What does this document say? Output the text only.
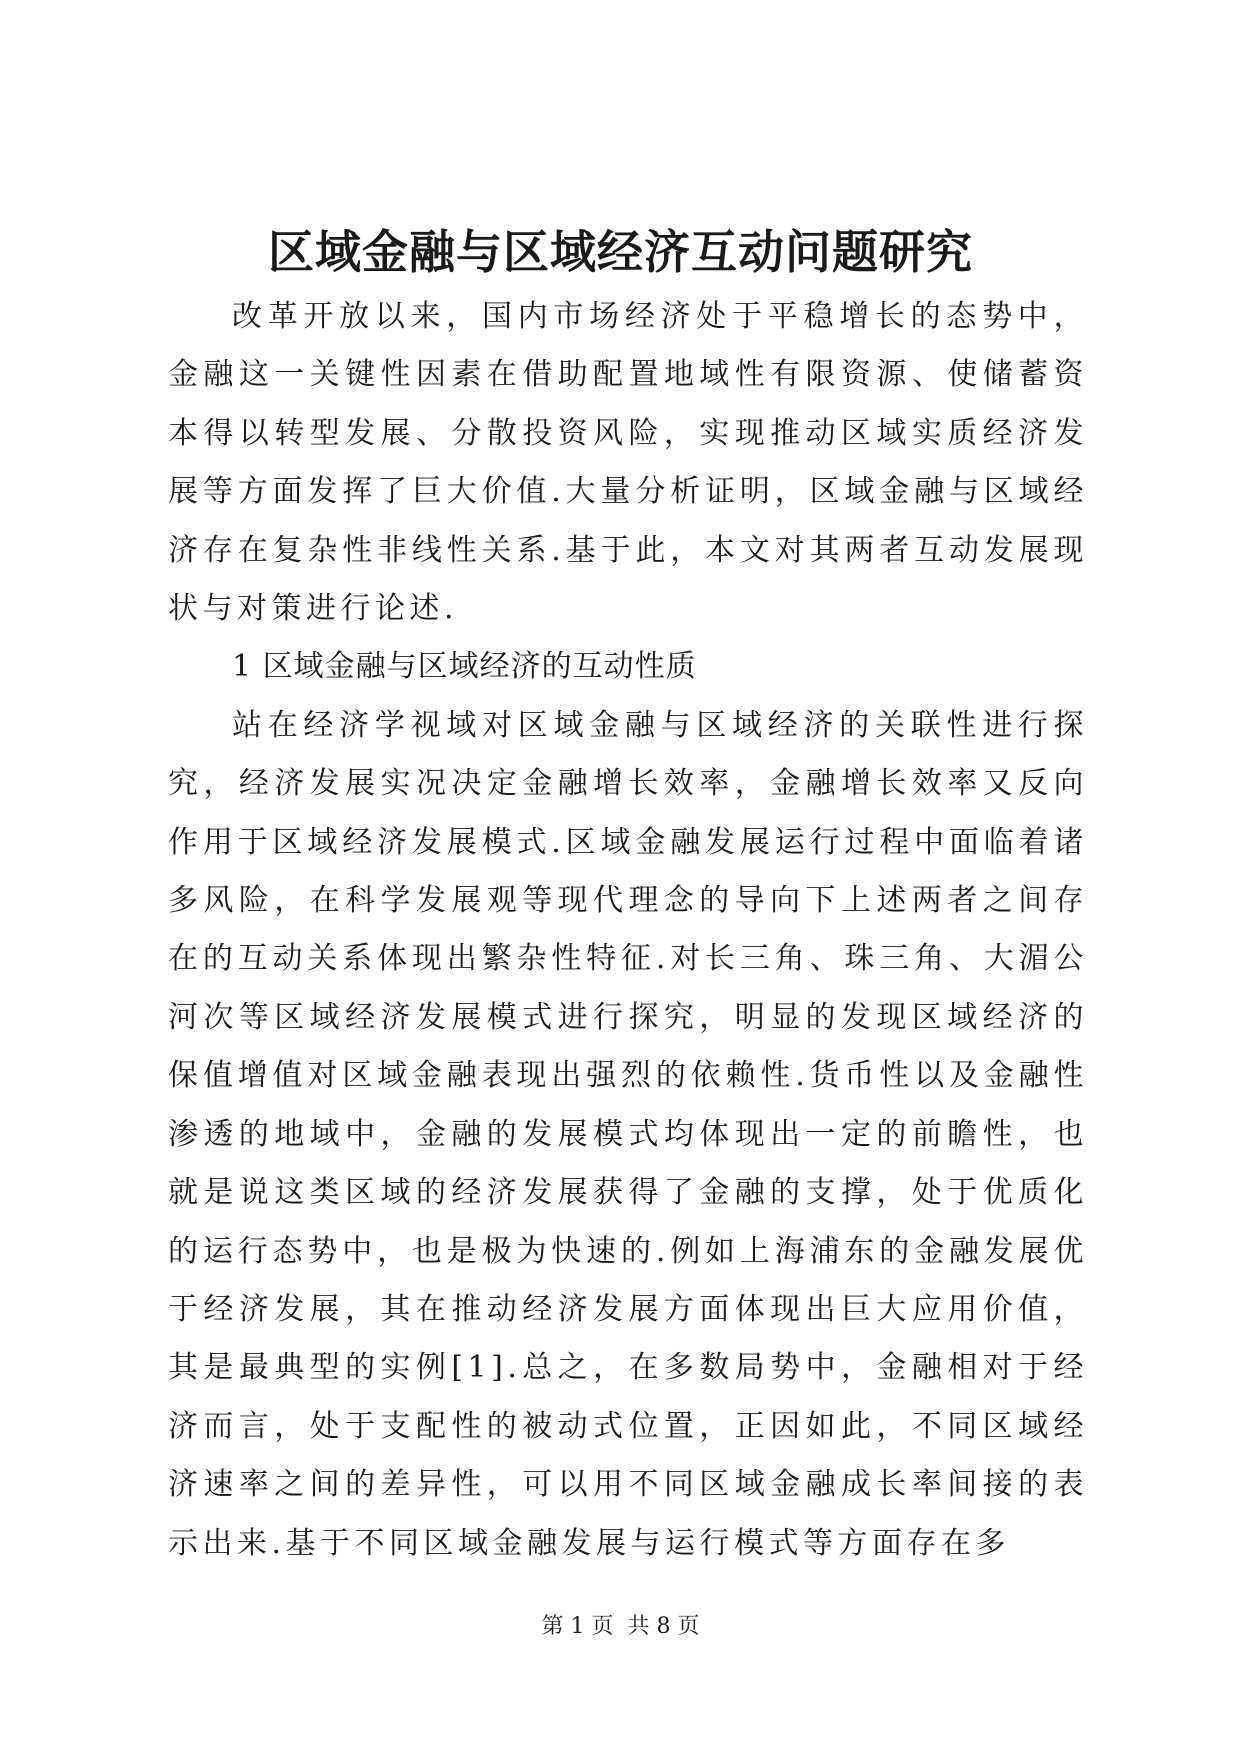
区域金融与区域经济互动问题研究

改革开放以来，国内市场经济处于平稳增长的态势中，金融这一关键性因素在借助配置地域性有限资源、使储蓄资本得以转型发展、分散投资风险，实现推动区域实质经济发展等方面发挥了巨大价值.大量分析证明，区域金融与区域经济存在复杂性非线性关系.基于此，本文对其两者互动发展现状与对策进行论述.

1 区域金融与区域经济的互动性质

站在经济学视域对区域金融与区域经济的关联性进行探究，经济发展实况决定金融增长效率，金融增长效率又反向作用于区域经济发展模式.区域金融发展运行过程中面临着诸多风险，在科学发展观等现代理念的导向下上述两者之间存在的互动关系体现出繁杂性特征.对长三角、珠三角、大湄公河次等区域经济发展模式进行探究，明显的发现区域经济的保值增值对区域金融表现出强烈的依赖性.货币性以及金融性渗透的地域中，金融的发展模式均体现出一定的前瞻性，也就是说这类区域的经济发展获得了金融的支撑，处于优质化的运行态势中，也是极为快速的.例如上海浦东的金融发展优于经济发展，其在推动经济发展方面体现出巨大应用价值，其是最典型的实例[1].总之，在多数局势中，金融相对于经济而言，处于支配性的被动式位置，正因如此，不同区域经济速率之间的差异性，可以用不同区域金融成长率间接的表示出来.基于不同区域金融发展与运行模式等方面存在多

第 1 页 共 8 页
